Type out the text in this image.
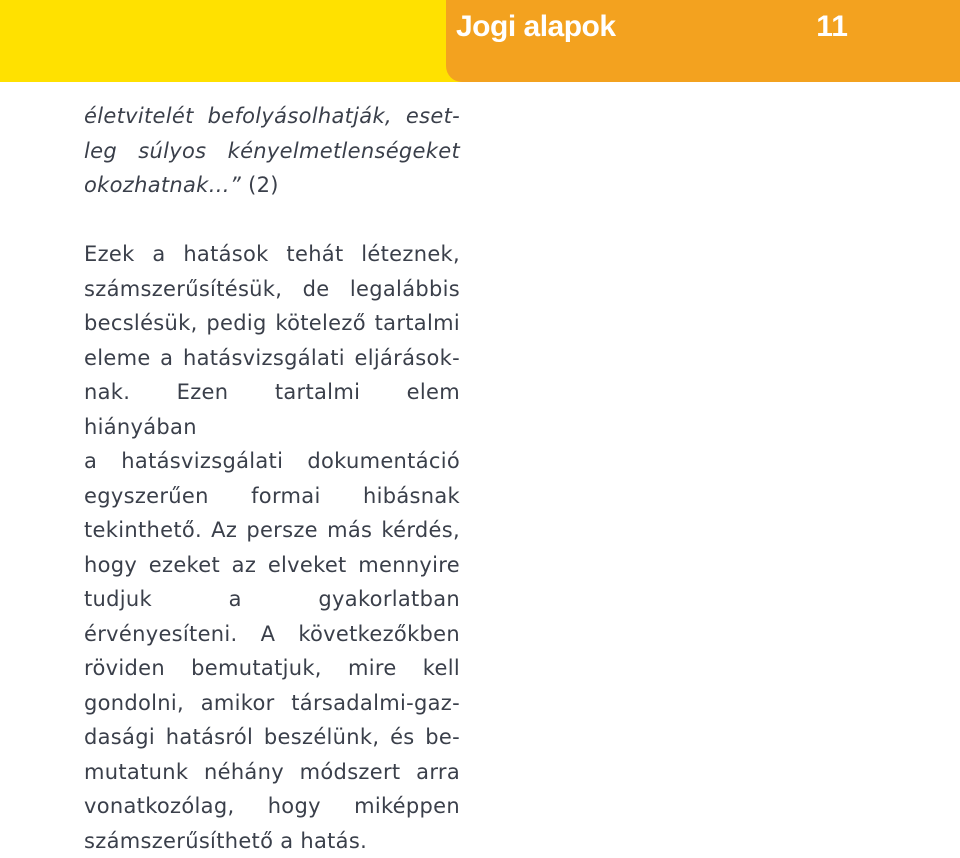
Jogi alapok	11
életvitelét befolyásolhatják, eset-
leg súlyos kényelmetlenségeket
okozhatnak…” (2)
Ezek a hatások tehát léteznek,
számszerűsítésük, de legalábbis
becslésük, pedig kötelező tartalmi
eleme a hatásvizsgálati eljárások-
nak. Ezen tartalmi elem hiányában
a hatásvizsgálati dokumentáció
egyszerűen formai hibásnak
tekinthető. Az persze más kérdés,
hogy ezeket az elveket mennyire
tudjuk a gyakorlatban
érvényesíteni. A következőkben
röviden bemutatjuk, mire kell
gondolni, amikor társadalmi-gaz-
dasági hatásról beszélünk, és be-
mutatunk néhány módszert arra
vonatkozólag, hogy miképpen
számszerűsíthető a hatás.
